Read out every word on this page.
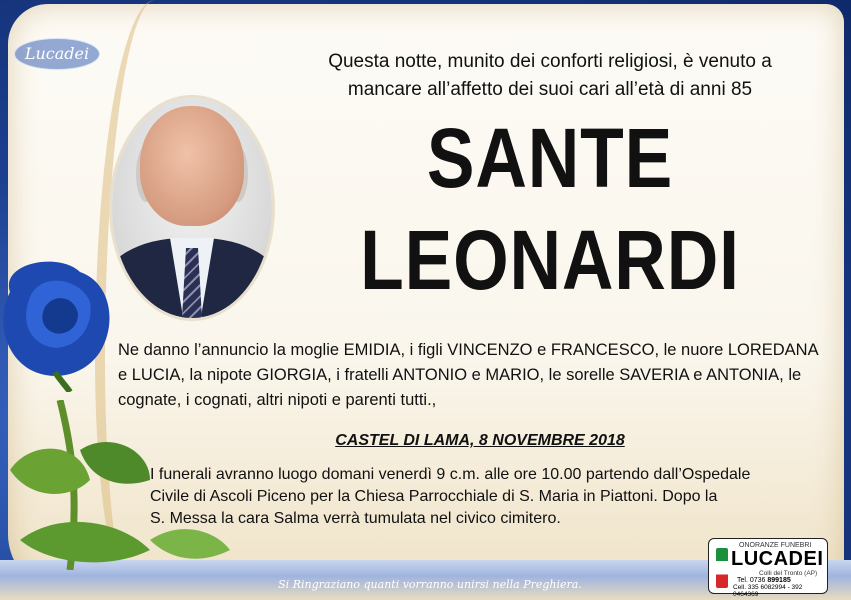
Lucadei	Questa notte, munito dei conforti religiosi, è venuto a
mancare all’affetto dei suoi cari all’età di anni 85
SANTE
LEONARDI
Ne danno l’annuncio la moglie EMIDIA, i figli VINCENZO e FRANCESCO, le nuore LOREDANA
e LUCIA, la nipote GIORGIA, i fratelli ANTONIO e MARIO, le sorelle SAVERIA e ANTONIA, le
cognate, i cognati, altri nipoti e parenti tutti.,
CASTEL DI LAMA, 8 NOVEMBRE 2018
I funerali avranno luogo domani venerdì 9 c.m. alle ore 10.00 partendo dall’Ospedale
Civile di Ascoli Piceno per la Chiesa Parrocchiale di S. Maria in Piattoni. Dopo la
S. Messa la cara Salma verrà tumulata nel civico cimitero.
Si Ringraziano quanti vorranno unirsi nella Preghiera.
ONORANZE FUNEBRI
LUCADEI
Colli del Tronto (AP)
Tel. 0736 899185
Cell. 335 6082994 - 392 0464369
